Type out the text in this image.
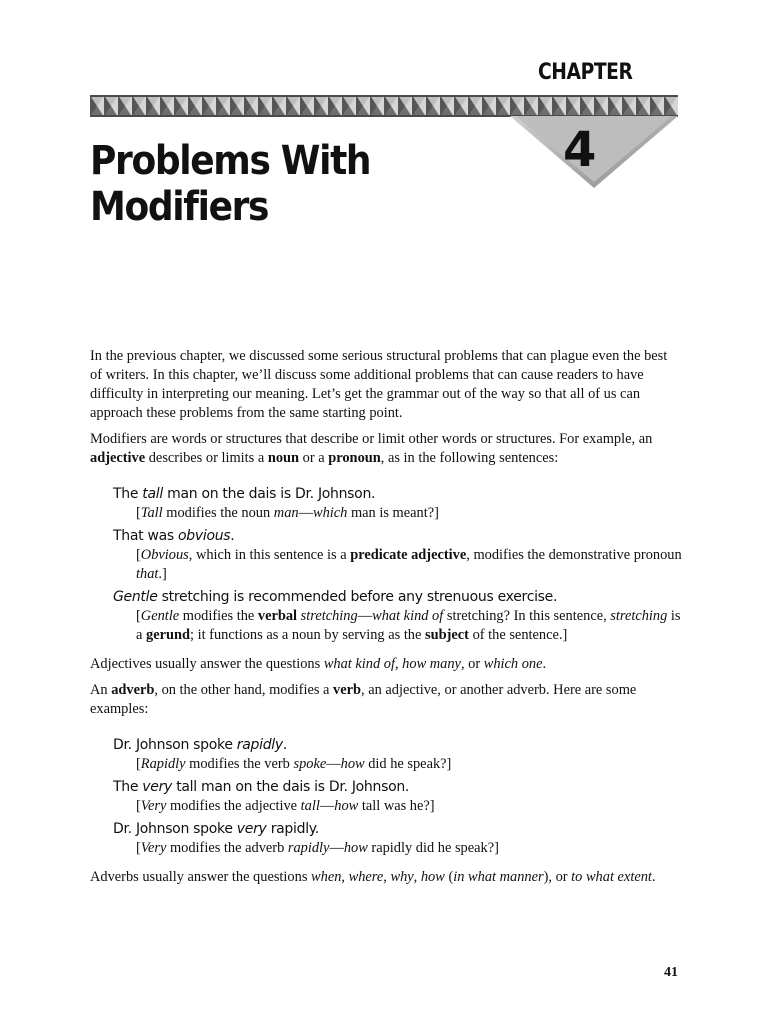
CHAPTER
4
Problems With
Modifiers

In the previous chapter, we discussed some serious structural problems that can plague even the best of writers. In this chapter, we’ll discuss some additional problems that can cause readers to have difficulty in interpreting our meaning. Let’s get the grammar out of the way so that all of us can approach these problems from the same starting point.

Modifiers are words or structures that describe or limit other words or structures. For example, an adjective describes or limits a noun or a pronoun, as in the following sentences:

The tall man on the dais is Dr. Johnson.
[Tall modifies the noun man—which man is meant?]
That was obvious.
[Obvious, which in this sentence is a predicate adjective, modifies the demonstrative pronoun that.]
Gentle stretching is recommended before any strenuous exercise.
[Gentle modifies the verbal stretching—what kind of stretching? In this sentence, stretching is a gerund; it functions as a noun by serving as the subject of the sentence.]

Adjectives usually answer the questions what kind of, how many, or which one.

An adverb, on the other hand, modifies a verb, an adjective, or another adverb. Here are some examples:

Dr. Johnson spoke rapidly.
[Rapidly modifies the verb spoke—how did he speak?]
The very tall man on the dais is Dr. Johnson.
[Very modifies the adjective tall—how tall was he?]
Dr. Johnson spoke very rapidly.
[Very modifies the adverb rapidly—how rapidly did he speak?]

Adverbs usually answer the questions when, where, why, how (in what manner), or to what extent.

41
